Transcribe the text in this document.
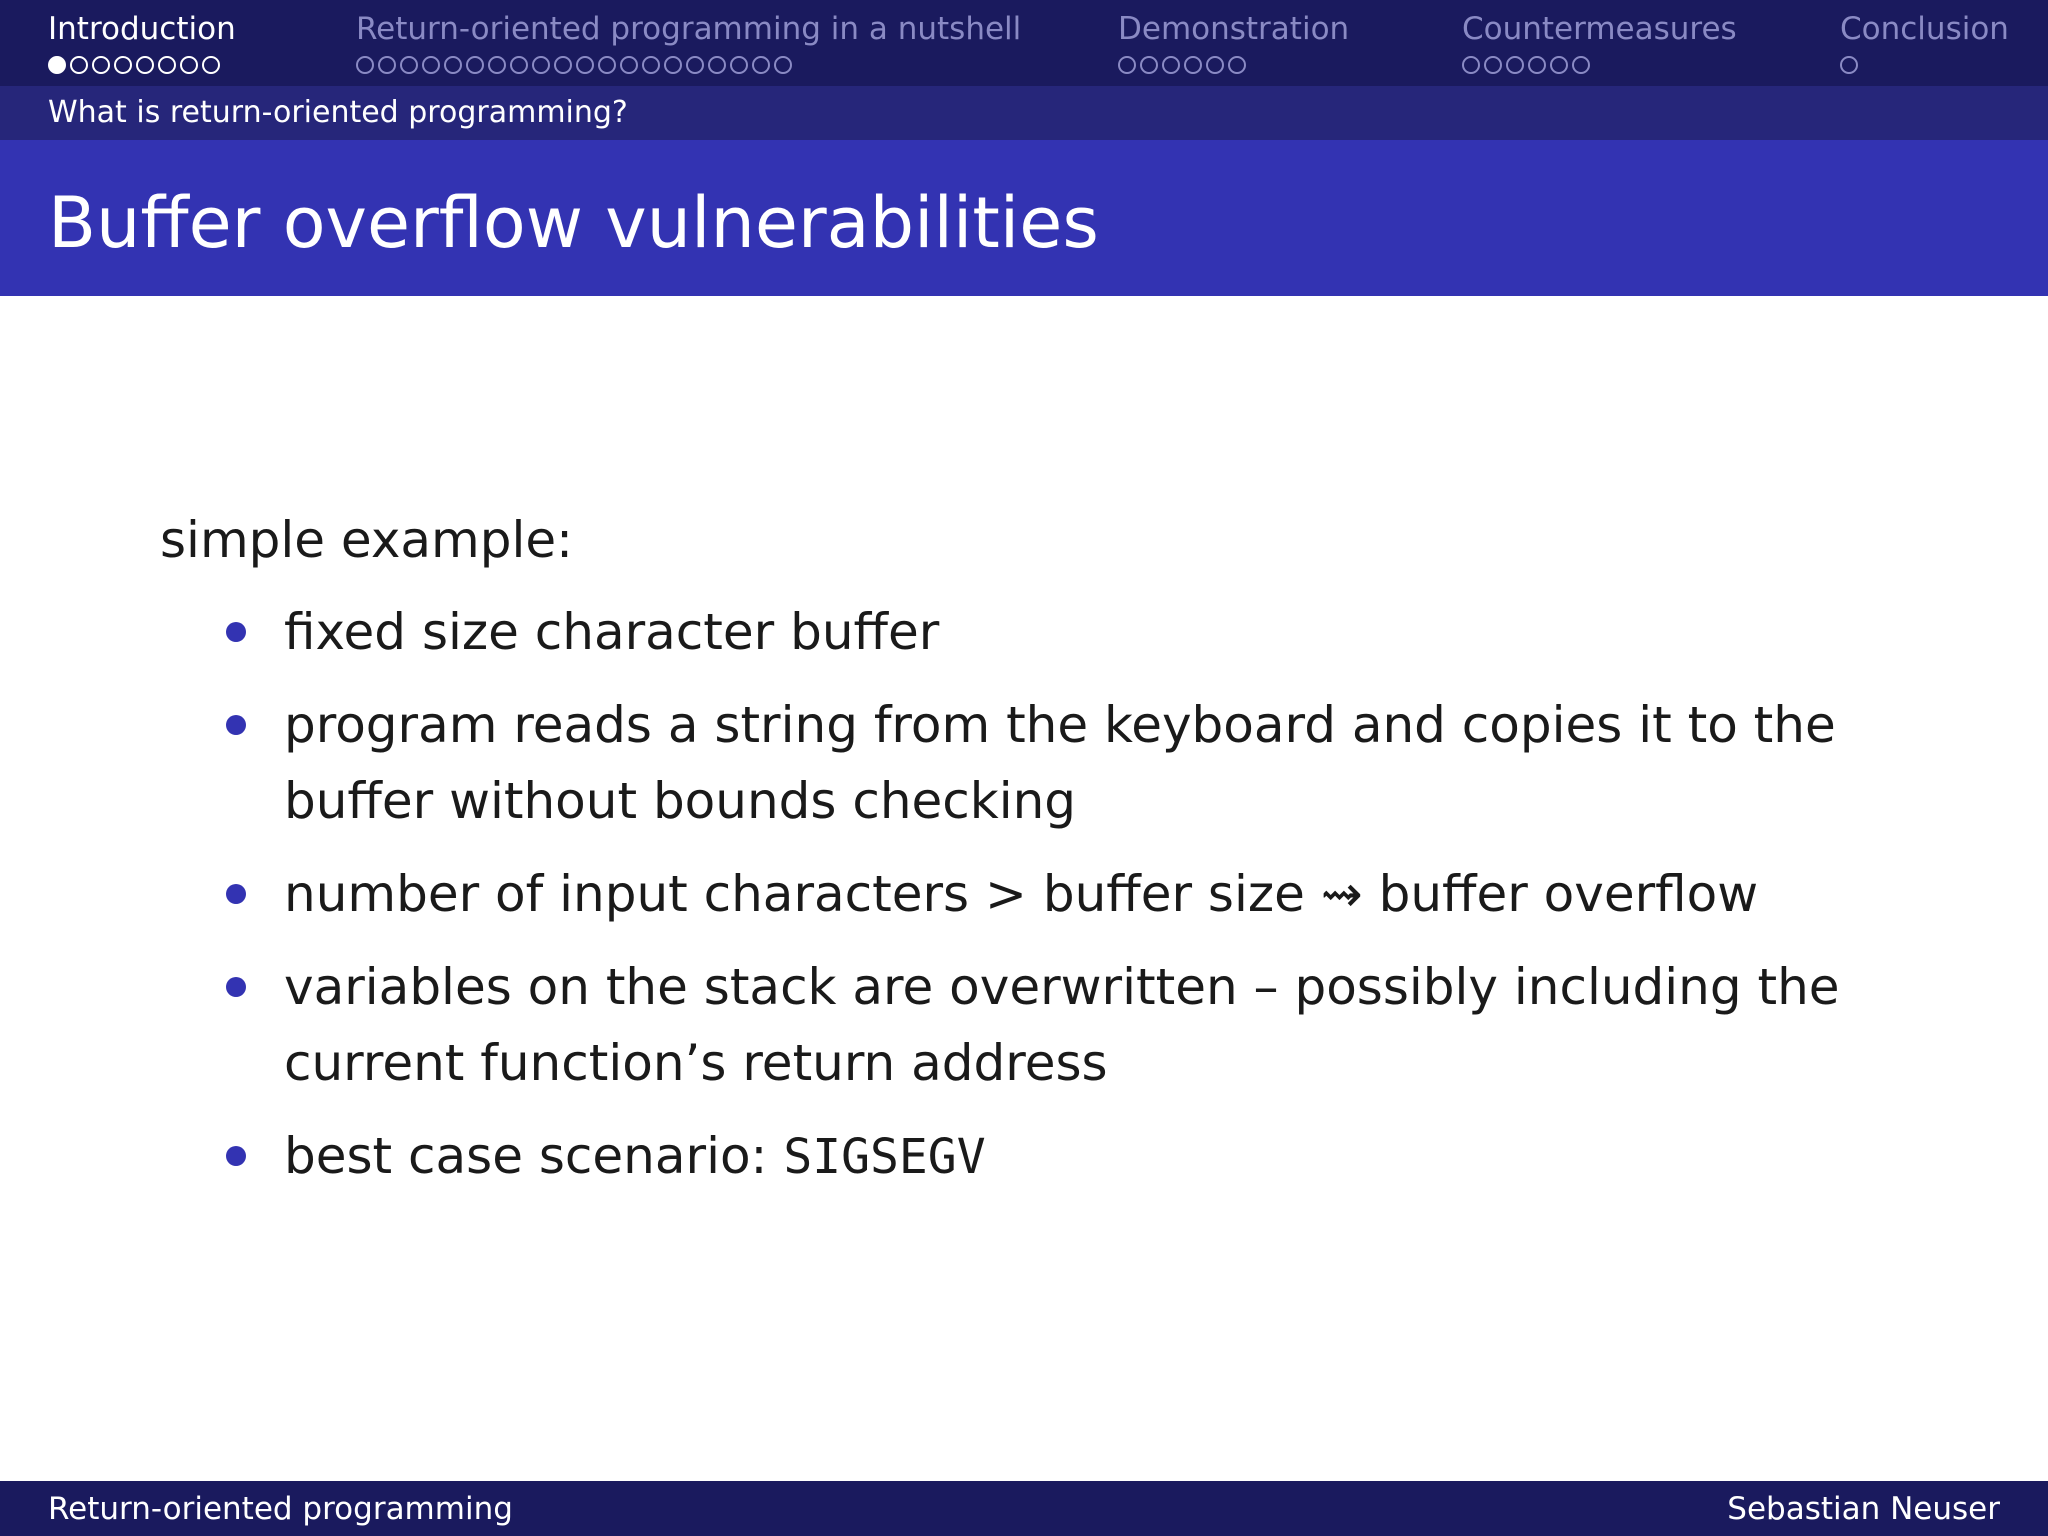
Introduction	Return-oriented programming in a nutshell	Demonstration	Countermeasures	Conclusion
What is return-oriented programming?
Buffer overflow vulnerabilities

simple example:

fixed size character buffer
program reads a string from the keyboard and copies it to the buffer without bounds checking
number of input characters > buffer size ⇝ buffer overflow
variables on the stack are overwritten – possibly including the current function’s return address
best case scenario: SIGSEGV
Return-oriented programming	Sebastian Neuser
